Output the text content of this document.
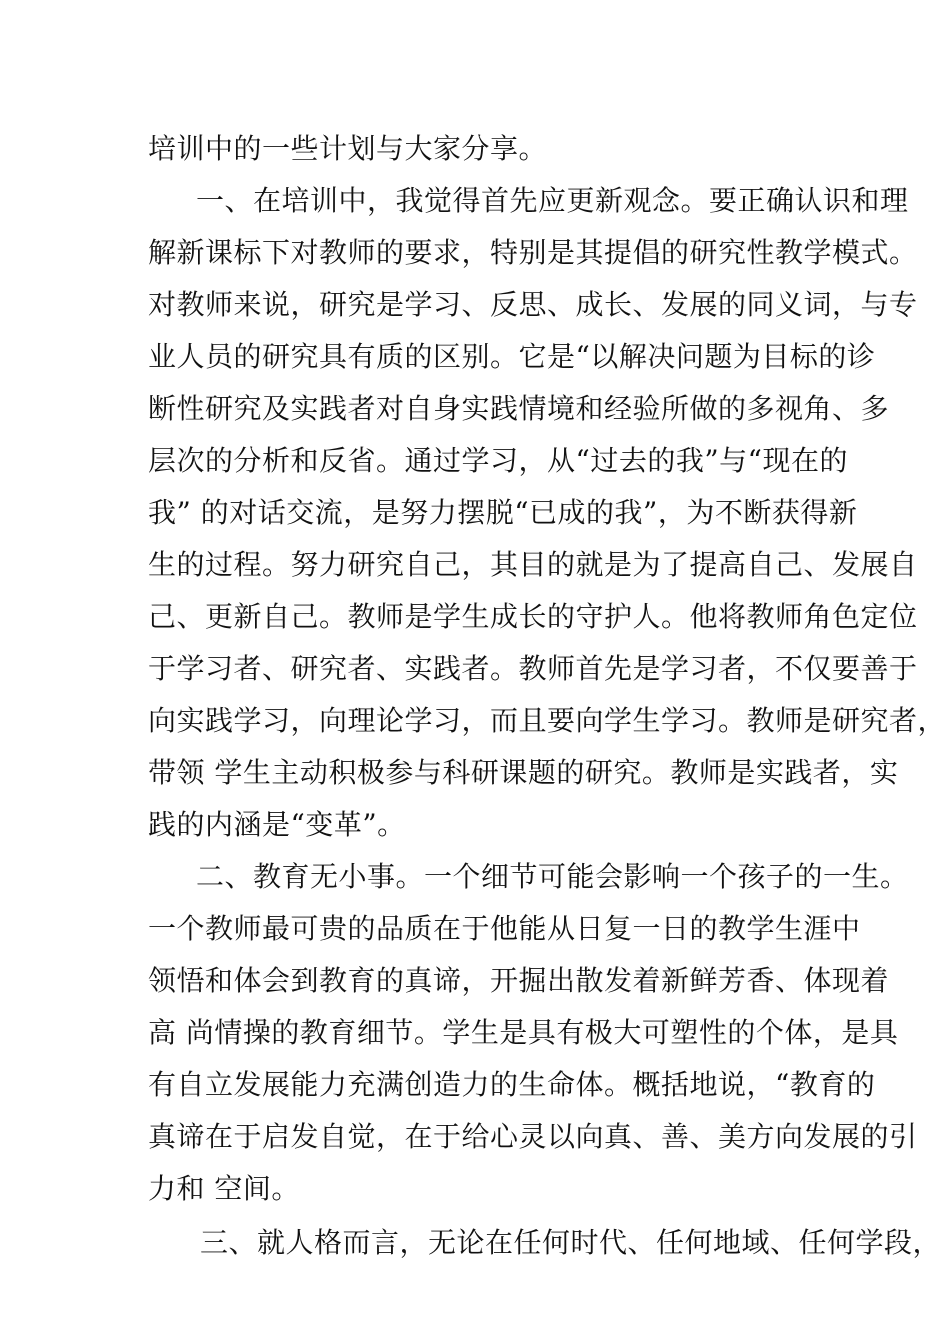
培训中的一些计划与大家分享。
一、在培训中，我觉得首先应更新观念。要正确认识和理
解新课标下对教师的要求，特别是其提倡的研究性教学模式。
对教师来说，研究是学习、反思、成长、发展的同义词，与专
业人员的研究具有质的区别。它是“以解决问题为目标的诊
断性研究及实践者对自身实践情境和经验所做的多视角、多
层次的分析和反省。通过学习，从“过去的我”与“现在的
我” 的对话交流，是努力摆脱“已成的我”，为不断获得新
生的过程。努力研究自己，其目的就是为了提高自己、发展自
己、更新自己。教师是学生成长的守护人。他将教师角色定位
于学习者、研究者、实践者。教师首先是学习者，不仅要善于
向实践学习，向理论学习，而且要向学生学习。教师是研究者，
带领 学生主动积极参与科研课题的研究。教师是实践者，实
践的内涵是“变革”。
二、教育无小事。一个细节可能会影响一个孩子的一生。
一个教师最可贵的品质在于他能从日复一日的教学生涯中
领悟和体会到教育的真谛，开掘出散发着新鲜芳香、体现着
高 尚情操的教育细节。学生是具有极大可塑性的个体，是具
有自立发展能力充满创造力的生命体。概括地说，“教育的
真谛在于启发自觉，在于给心灵以向真、善、美方向发展的引
力和 空间。
三、就人格而言，无论在任何时代、任何地域、任何学段，
